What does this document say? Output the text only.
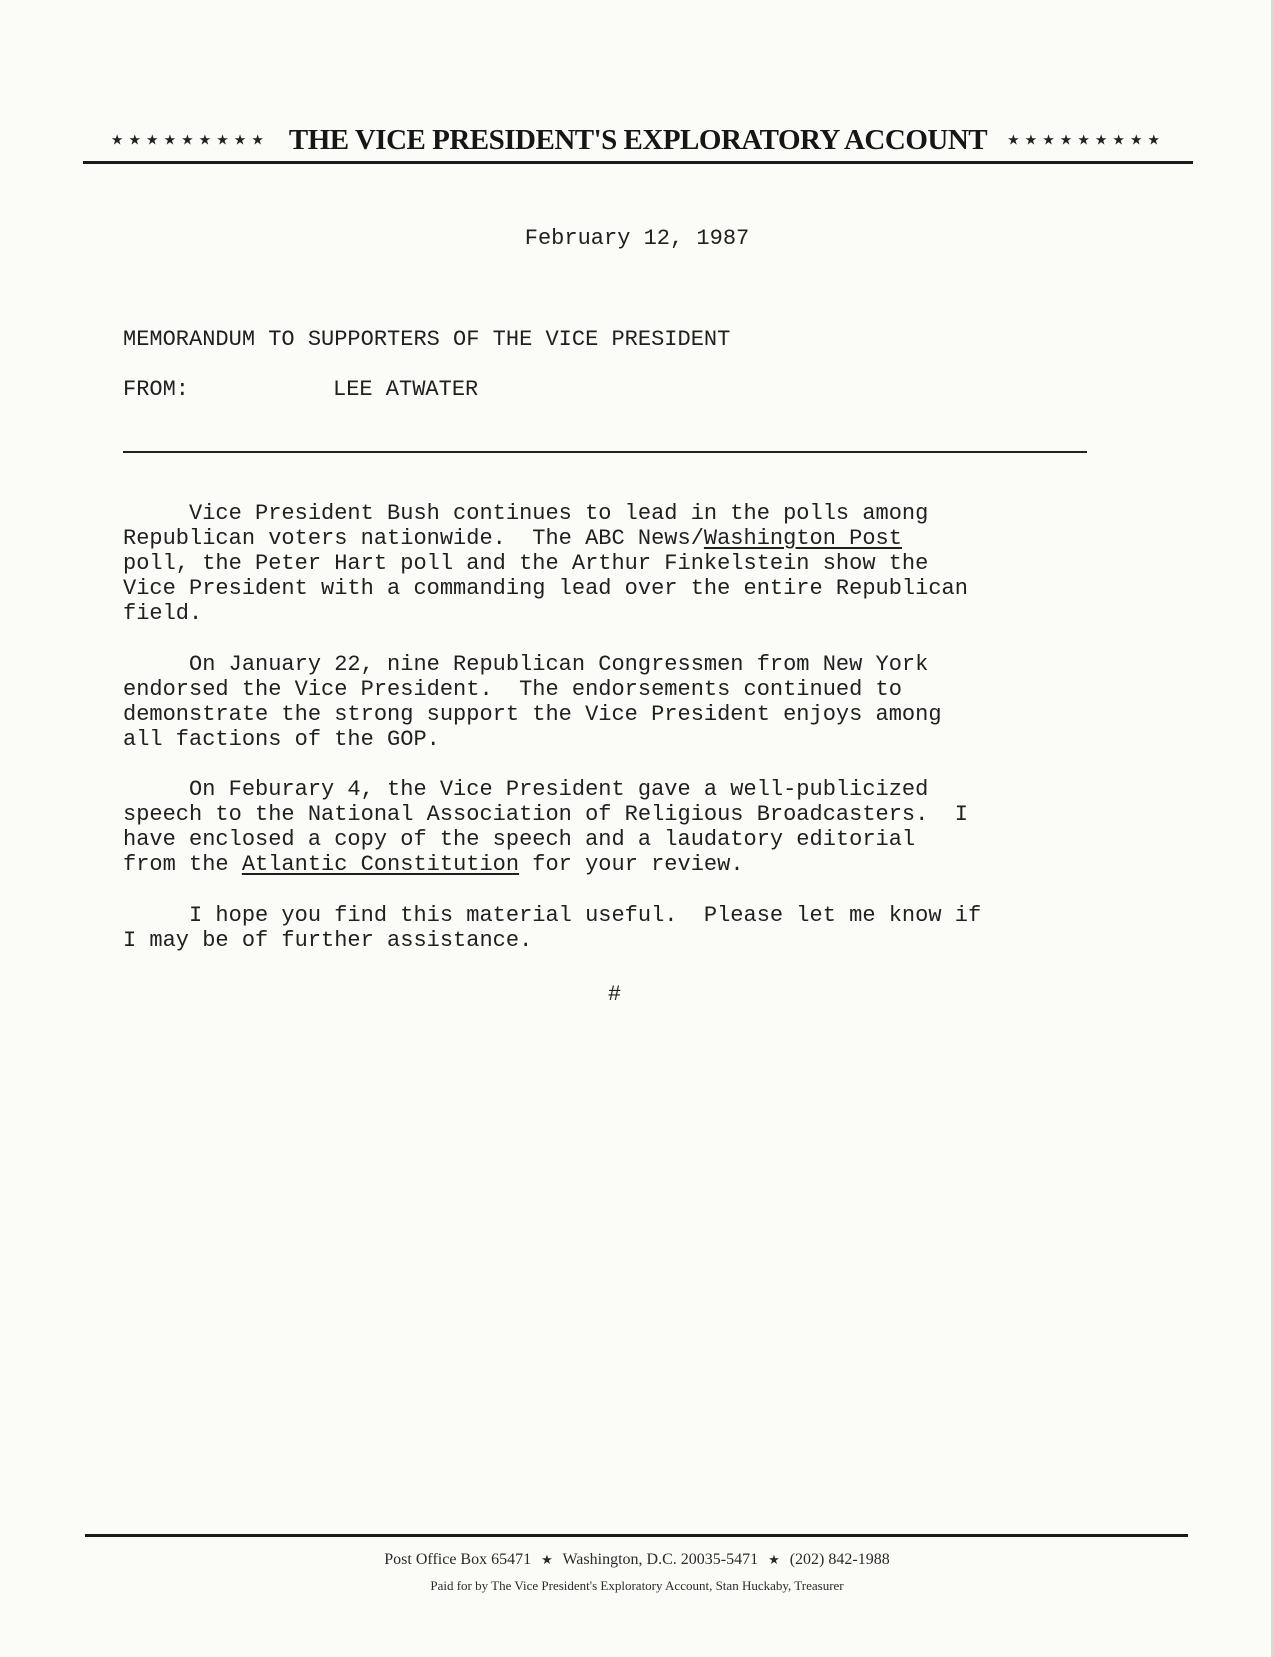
★★★★★★★★★ THE VICE PRESIDENT'S EXPLORATORY ACCOUNT ★★★★★★★★★
February 12, 1987
MEMORANDUM TO SUPPORTERS OF THE VICE PRESIDENT
FROM:	LEE ATWATER

Vice President Bush continues to lead in the polls among
Republican voters nationwide.  The ABC News/Washington Post
poll, the Peter Hart poll and the Arthur Finkelstein show the
Vice President with a commanding lead over the entire Republican
field.

On January 22, nine Republican Congressmen from New York
endorsed the Vice President.  The endorsements continued to
demonstrate the strong support the Vice President enjoys among
all factions of the GOP.

On Feburary 4, the Vice President gave a well-publicized
speech to the National Association of Religious Broadcasters.  I
have enclosed a copy of the speech and a laudatory editorial
from the Atlantic Constitution for your review.

I hope you find this material useful.  Please let me know if
I may be of further assistance.

#
Post Office Box 65471 ★ Washington, D.C. 20035-5471 ★ (202) 842-1988
Paid for by The Vice President's Exploratory Account, Stan Huckaby, Treasurer
